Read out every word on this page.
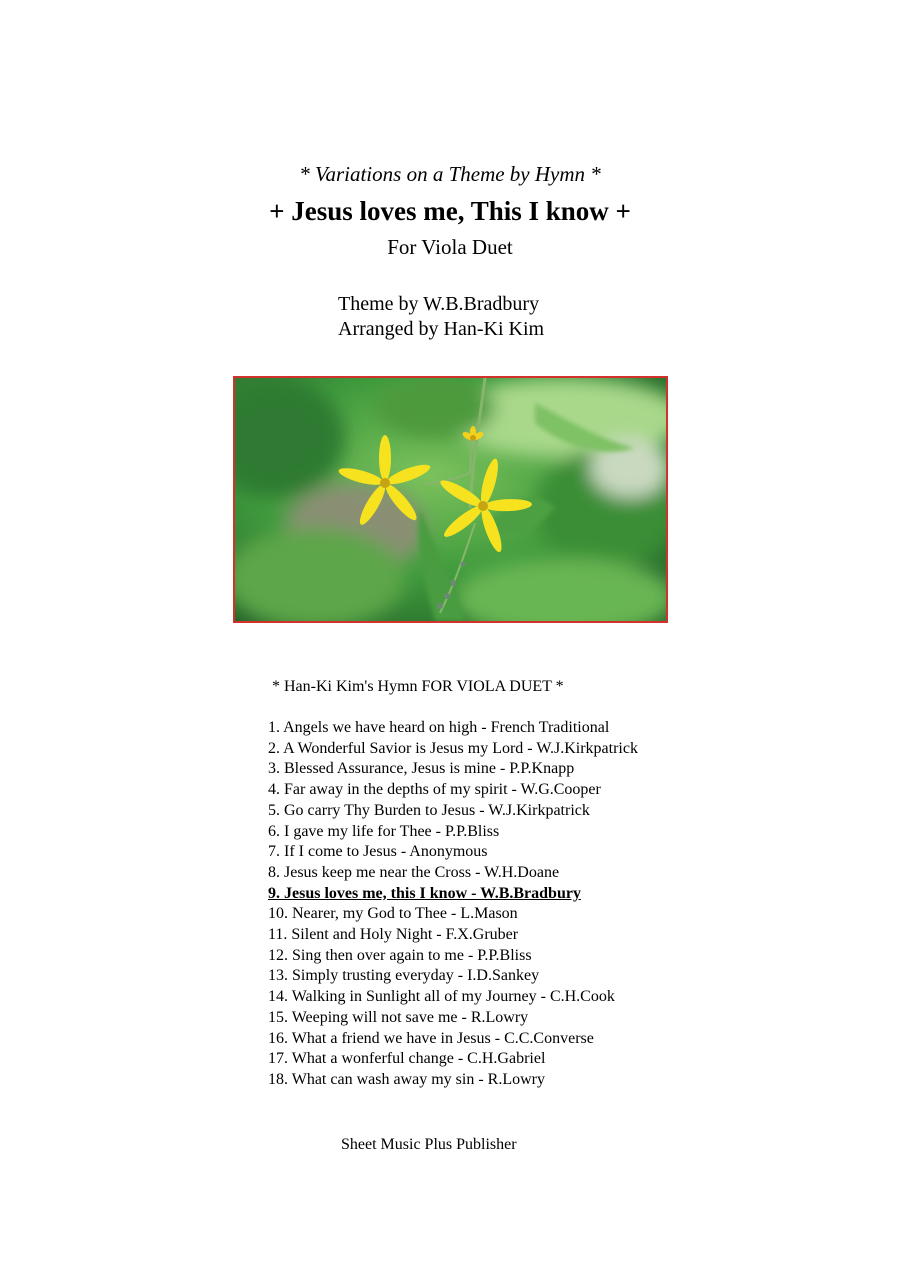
* Variations on a Theme by Hymn *
+ Jesus loves me, This I know +
For Viola Duet
Theme by W.B.Bradbury
Arranged by Han-Ki Kim
* Han-Ki Kim's Hymn FOR VIOLA DUET *
1. Angels we have heard on high - French Traditional
2. A Wonderful Savior is Jesus my Lord - W.J.Kirkpatrick
3. Blessed Assurance, Jesus is mine - P.P.Knapp
4. Far away in the depths of my spirit - W.G.Cooper
5. Go carry Thy Burden to Jesus - W.J.Kirkpatrick
6. I gave my life for Thee - P.P.Bliss
7. If I come to Jesus - Anonymous
8. Jesus keep me near the Cross - W.H.Doane
9. Jesus loves me, this I know - W.B.Bradbury
10. Nearer, my God to Thee - L.Mason
11. Silent and Holy Night - F.X.Gruber
12. Sing then over again to me - P.P.Bliss
13. Simply trusting everyday - I.D.Sankey
14. Walking in Sunlight all of my Journey - C.H.Cook
15. Weeping will not save me - R.Lowry
16. What a friend we have in Jesus - C.C.Converse
17. What a wonferful change - C.H.Gabriel
18. What can wash away my sin - R.Lowry
Sheet Music Plus Publisher
